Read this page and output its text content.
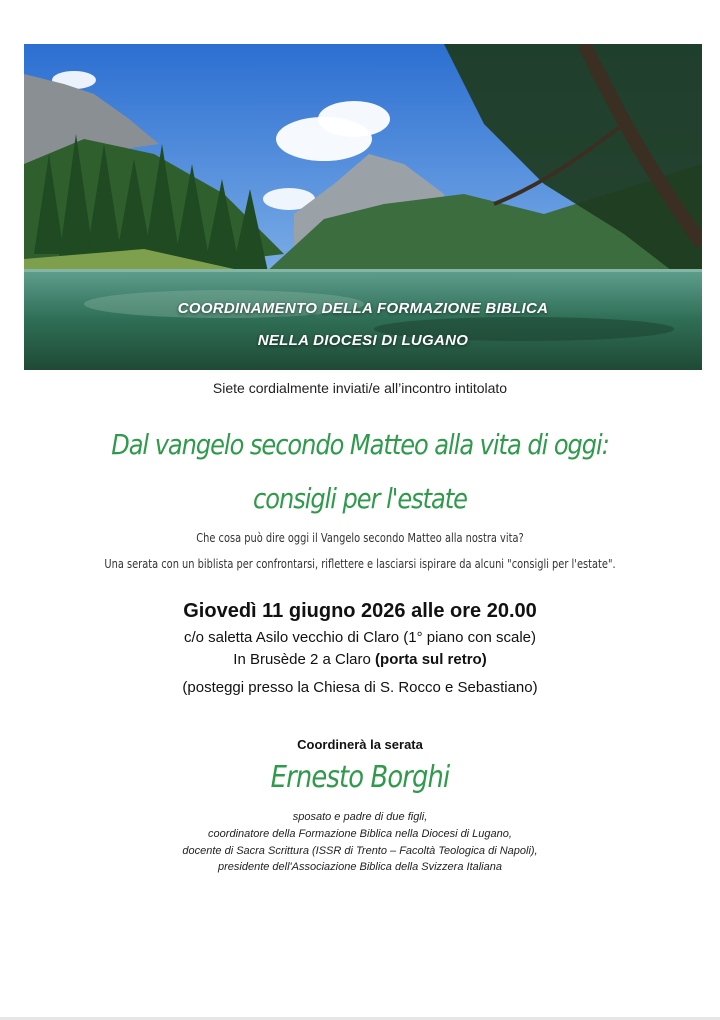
COORDINAMENTO DELLA FORMAZIONE BIBLICA
NELLA DIOCESI DI LUGANO
Siete cordialmente inviati/e all’incontro intitolato
Dal vangelo secondo Matteo alla vita di oggi:
consigli per l'estate
Che cosa può dire oggi il Vangelo secondo Matteo alla nostra vita?
Una serata con un biblista per confrontarsi, riflettere e lasciarsi ispirare da alcuni "consigli per l'estate".
Giovedì 11 giugno 2026 alle ore 20.00
c/o saletta Asilo vecchio di Claro (1° piano con scale)
In Brusède 2 a Claro (porta sul retro)
(posteggi presso la Chiesa di S. Rocco e Sebastiano)
Coordinerà la serata
Ernesto Borghi
sposato e padre di due figli,
coordinatore della Formazione Biblica nella Diocesi di Lugano,
docente di Sacra Scrittura (ISSR di Trento – Facoltà Teologica di Napoli),
presidente dell'Associazione Biblica della Svizzera Italiana
